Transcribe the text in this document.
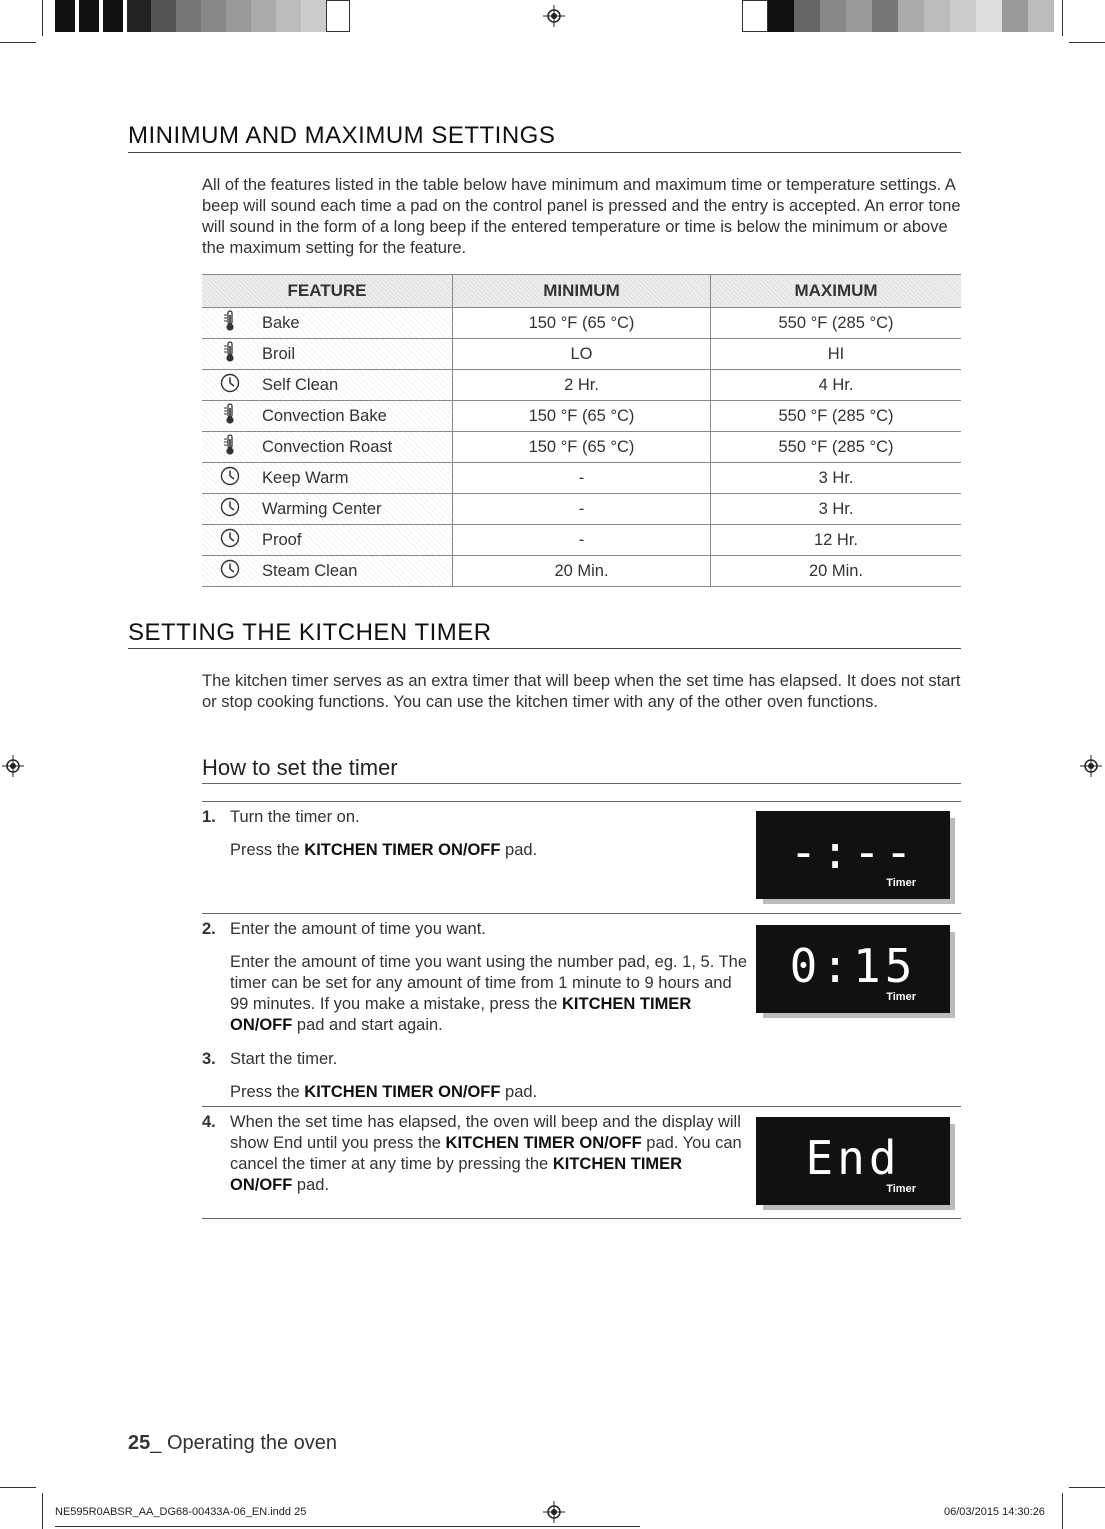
MINIMUM AND MAXIMUM SETTINGS
All of the features listed in the table below have minimum and maximum time or temperature settings. A beep will sound each time a pad on the control panel is pressed and the entry is accepted. An error tone will sound in the form of a long beep if the entered temperature or time is below the minimum or above the maximum setting for the feature.
FEATURE	MINIMUM	MAXIMUM
Bake	150 °F (65 °C)	550 °F (285 °C)
Broil	LO	HI
Self Clean	2 Hr.	4 Hr.
Convection Bake	150 °F (65 °C)	550 °F (285 °C)
Convection Roast	150 °F (65 °C)	550 °F (285 °C)
Keep Warm	-	3 Hr.
Warming Center	-	3 Hr.
Proof	-	12 Hr.
Steam Clean	20 Min.	20 Min.
SETTING THE KITCHEN TIMER
The kitchen timer serves as an extra timer that will beep when the set time has elapsed. It does not start or stop cooking functions. You can use the kitchen timer with any of the other oven functions.
How to set the timer
1. Turn the timer on.
Press the KITCHEN TIMER ON/OFF pad.	-:--
Timer
2. Enter the amount of time you want.
Enter the amount of time you want using the number pad, eg. 1, 5. The timer can be set for any amount of time from 1 minute to 9 hours and 99 minutes. If you make a mistake, press the KITCHEN TIMER ON/OFF pad and start again.
0:15
Timer
3. Start the timer.
Press the KITCHEN TIMER ON/OFF pad.
4. When the set time has elapsed, the oven will beep and the display will show End until you press the KITCHEN TIMER ON/OFF pad. You can cancel the timer at any time by pressing the KITCHEN TIMER ON/OFF pad.	End
Timer
25_ Operating the oven
NE595R0ABSR_AA_DG68-00433A-06_EN.indd 25	06/03/2015 14:30:26
